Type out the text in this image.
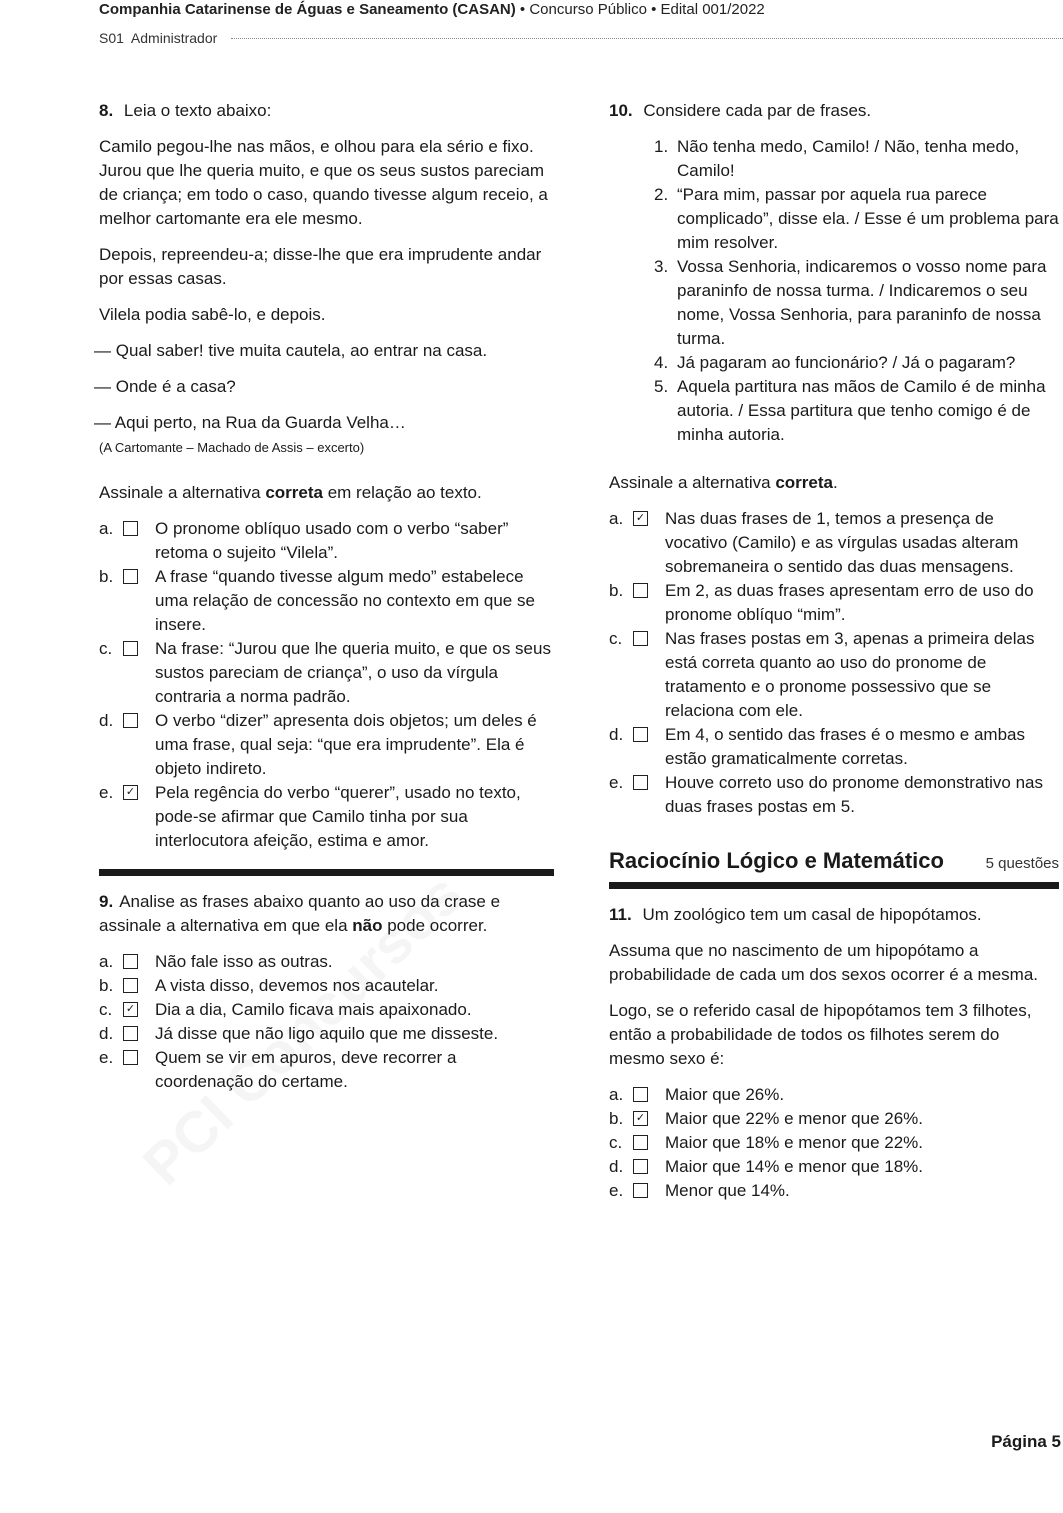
Companhia Catarinense de Águas e Saneamento (CASAN) • Concurso Público • Edital 001/2022
S01  Administrador
8. Leia o texto abaixo:

Camilo pegou-lhe nas mãos, e olhou para ela sério e fixo. Jurou que lhe queria muito, e que os seus sustos pareciam de criança; em todo o caso, quando tivesse algum receio, a melhor cartomante era ele mesmo.

Depois, repreendeu-a; disse-lhe que era imprudente andar por essas casas.

Vilela podia sabê-lo, e depois.

— Qual saber! tive muita cautela, ao entrar na casa.

— Onde é a casa?

— Aqui perto, na Rua da Guarda Velha…

(A Cartomante – Machado de Assis – excerto)

Assinale a alternativa correta em relação ao texto.

a.	O pronome oblíquo usado com o verbo “saber” retoma o sujeito “Vilela”.
b.	A frase “quando tivesse algum medo” estabelece uma relação de concessão no contexto em que se insere.
c.	Na frase: “Jurou que lhe queria muito, e que os seus sustos pareciam de criança”, o uso da vírgula contraria a norma padrão.
d.	O verbo “dizer” apresenta dois objetos; um deles é uma frase, qual seja: “que era imprudente”. Ela é objeto indireto.
e. ✓	Pela regência do verbo “querer”, usado no texto, pode-se afirmar que Camilo tinha por sua interlocutora afeição, estima e amor.

9. Analise as frases abaixo quanto ao uso da crase e assinale a alternativa em que ela não pode ocorrer.

a.	Não fale isso as outras.
b.	A vista disso, devemos nos acautelar.
c. ✓	Dia a dia, Camilo ficava mais apaixonado.
d.	Já disse que não ligo aquilo que me disseste.
e.	Quem se vir em apuros, deve recorrer a coordenação do certame.
10. Considere cada par de frases.
1. Não tenha medo, Camilo! / Não, tenha medo, Camilo!
2. “Para mim, passar por aquela rua parece complicado”, disse ela. / Esse é um problema para mim resolver.
3. Vossa Senhoria, indicaremos o vosso nome para paraninfo de nossa turma. / Indicaremos o seu nome, Vossa Senhoria, para paraninfo de nossa turma.
4. Já pagaram ao funcionário? / Já o pagaram?
5. Aquela partitura nas mãos de Camilo é de minha autoria. / Essa partitura que tenho comigo é de minha autoria.

Assinale a alternativa correta.

a. ✓	Nas duas frases de 1, temos a presença de vocativo (Camilo) e as vírgulas usadas alteram sobremaneira o sentido das duas mensagens.
b.	Em 2, as duas frases apresentam erro de uso do pronome oblíquo “mim”.
c.	Nas frases postas em 3, apenas a primeira delas está correta quanto ao uso do pronome de tratamento e o pronome possessivo que se relaciona com ele.
d.	Em 4, o sentido das frases é o mesmo e ambas estão gramaticalmente corretas.
e.	Houve correto uso do pronome demonstrativo nas duas frases postas em 5.
Raciocínio Lógico e Matemático	5 questões
11. Um zoológico tem um casal de hipopótamos.

Assuma que no nascimento de um hipopótamo a probabilidade de cada um dos sexos ocorrer é a mesma.

Logo, se o referido casal de hipopótamos tem 3 filhotes, então a probabilidade de todos os filhotes serem do mesmo sexo é:

a.	Maior que 26%.
b. ✓	Maior que 22% e menor que 26%.
c.	Maior que 18% e menor que 22%.
d.	Maior que 14% e menor que 18%.
e.	Menor que 14%.
Página 5
